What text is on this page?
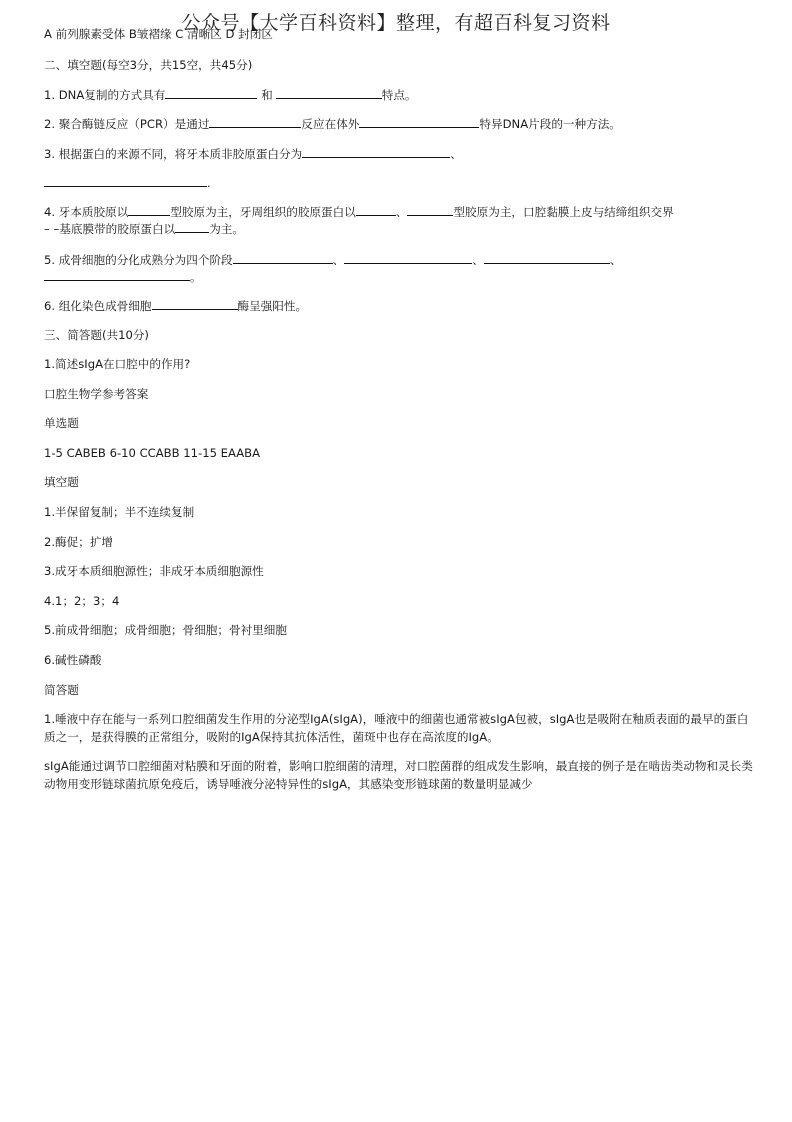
公众号【大学百科资料】整理，有超百科复习资料
A 前列腺素受体 B皱褶缘 C 清晰区 D 封闭区
二、填空题(每空3分，共15空，共45分)
1. DNA复制的方式具有	和	特点。
2. 聚合酶链反应（PCR）是通过	反应在体外	特异DNA片段的一种方法。
3. 根据蛋白的来源不同，将牙本质非胶原蛋白分为	、
.
4. 牙本质胶原以	型胶原为主，牙周组织的胶原蛋白以	、	型胶原为主，口腔黏膜上皮与结缔组织交界
– –基底膜带的胶原蛋白以	为主。
5. 成骨细胞的分化成熟分为四个阶段	、	、	、
。
6. 组化染色成骨细胞	酶呈强阳性。
三、简答题(共10分)
1.简述sIgA在口腔中的作用?
口腔生物学参考答案
单选题
1-5 CABEB 6-10 CCABB 11-15 EAABA
填空题
1.半保留复制；半不连续复制
2.酶促；扩增
3.成牙本质细胞源性；非成牙本质细胞源性
4.1；2；3；4
5.前成骨细胞；成骨细胞；骨细胞；骨衬里细胞
6.碱性磷酸
简答题
1.唾液中存在能与一系列口腔细菌发生作用的分泌型IgA(sIgA)，唾液中的细菌也通常被sIgA包被，sIgA也是吸附在釉质表面的最早的蛋白质之一，是获得膜的正常组分，吸附的IgA保持其抗体活性，菌斑中也存在高浓度的IgA。
sIgA能通过调节口腔细菌对粘膜和牙面的附着，影响口腔细菌的清理，对口腔菌群的组成发生影响，最直接的例子是在啮齿类动物和灵长类动物用变形链球菌抗原免疫后，诱导唾液分泌特异性的sIgA，其感染变形链球菌的数量明显减少
